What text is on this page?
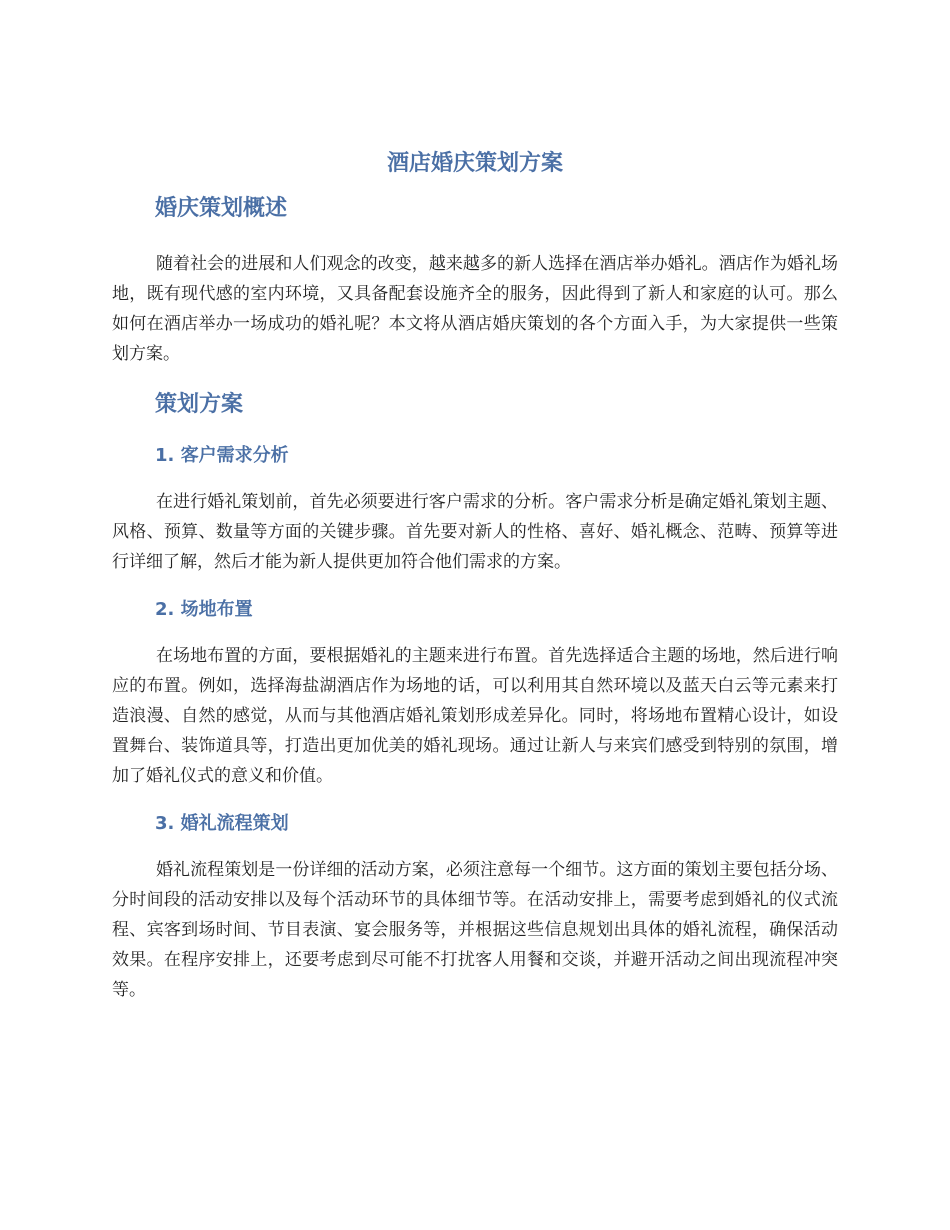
酒店婚庆策划方案
婚庆策划概述

随着社会的进展和人们观念的改变，越来越多的新人选择在酒店举办婚礼。酒店作为婚礼场地，既有现代感的室内环境，又具备配套设施齐全的服务，因此得到了新人和家庭的认可。那么如何在酒店举办一场成功的婚礼呢？本文将从酒店婚庆策划的各个方面入手，为大家提供一些策划方案。

策划方案
1. 客户需求分析

在进行婚礼策划前，首先必须要进行客户需求的分析。客户需求分析是确定婚礼策划主题、风格、预算、数量等方面的关键步骤。首先要对新人的性格、喜好、婚礼概念、范畴、预算等进行详细了解，然后才能为新人提供更加符合他们需求的方案。

2. 场地布置

在场地布置的方面，要根据婚礼的主题来进行布置。首先选择适合主题的场地，然后进行响应的布置。例如，选择海盐湖酒店作为场地的话，可以利用其自然环境以及蓝天白云等元素来打造浪漫、自然的感觉，从而与其他酒店婚礼策划形成差异化。同时，将场地布置精心设计，如设置舞台、装饰道具等，打造出更加优美的婚礼现场。通过让新人与来宾们感受到特别的氛围，增加了婚礼仪式的意义和价值。

3. 婚礼流程策划

婚礼流程策划是一份详细的活动方案，必须注意每一个细节。这方面的策划主要包括分场、分时间段的活动安排以及每个活动环节的具体细节等。在活动安排上，需要考虑到婚礼的仪式流程、宾客到场时间、节目表演、宴会服务等，并根据这些信息规划出具体的婚礼流程，确保活动效果。在程序安排上，还要考虑到尽可能不打扰客人用餐和交谈，并避开活动之间出现流程冲突等。
